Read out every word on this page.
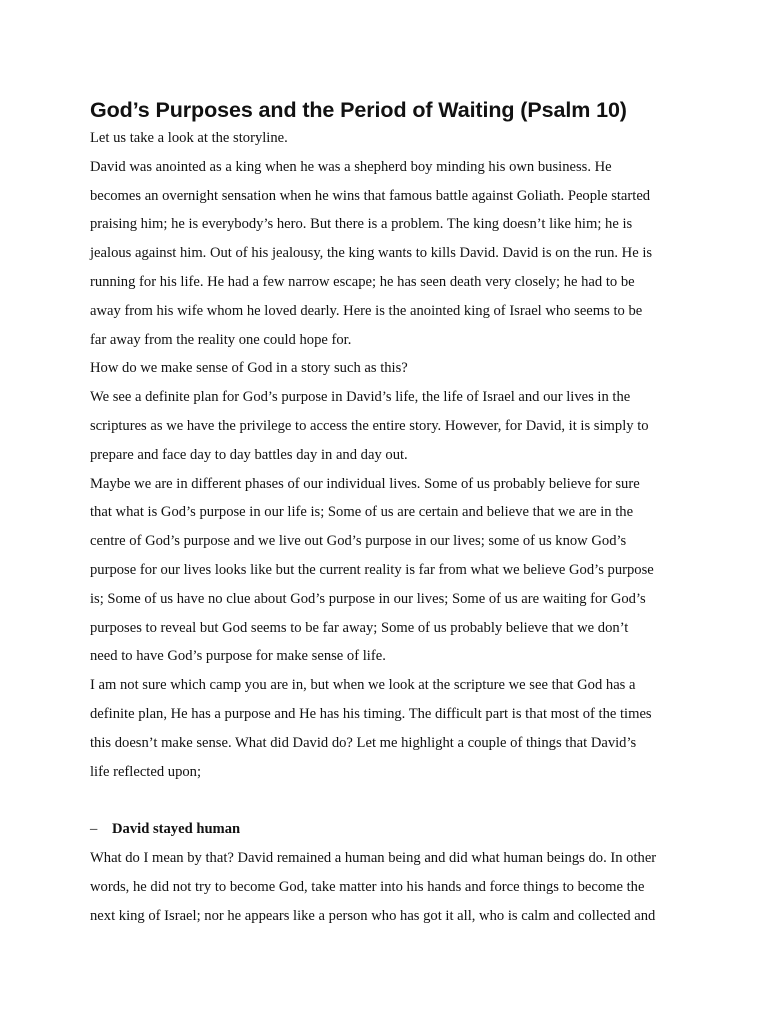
God’s Purposes and the Period of Waiting (Psalm 10)

Let us take a look at the storyline.

David was anointed as a king when he was a shepherd boy minding his own business. He
becomes an overnight sensation when he wins that famous battle against Goliath. People started
praising him; he is everybody’s hero. But there is a problem. The king doesn’t like him; he is
jealous against him. Out of his jealousy, the king wants to kills David. David is on the run. He is
running for his life. He had a few narrow escape; he has seen death very closely; he had to be
away from his wife whom he loved dearly. Here is the anointed king of Israel who seems to be
far away from the reality one could hope for.

How do we make sense of God in a story such as this?

We see a definite plan for God’s purpose in David’s life, the life of Israel and our lives in the
scriptures as we have the privilege to access the entire story. However, for David, it is simply to
prepare and face day to day battles day in and day out.

Maybe we are in different phases of our individual lives. Some of us probably believe for sure
that what is God’s purpose in our life is; Some of us are certain and believe that we are in the
centre of God’s purpose and we live out God’s purpose in our lives; some of us know God’s
purpose for our lives looks like but the current reality is far from what we believe God’s purpose
is; Some of us have no clue about God’s purpose in our lives; Some of us are waiting for God’s
purposes to reveal but God seems to be far away; Some of us probably believe that we don’t
need to have God’s purpose for make sense of life.

I am not sure which camp you are in, but when we look at the scripture we see that God has a
definite plan, He has a purpose and He has his timing. The difficult part is that most of the times
this doesn’t make sense. What did David do? Let me highlight a couple of things that David’s
life reflected upon;

– David stayed human

What do I mean by that? David remained a human being and did what human beings do. In other
words, he did not try to become God, take matter into his hands and force things to become the
next king of Israel; nor he appears like a person who has got it all, who is calm and collected and
